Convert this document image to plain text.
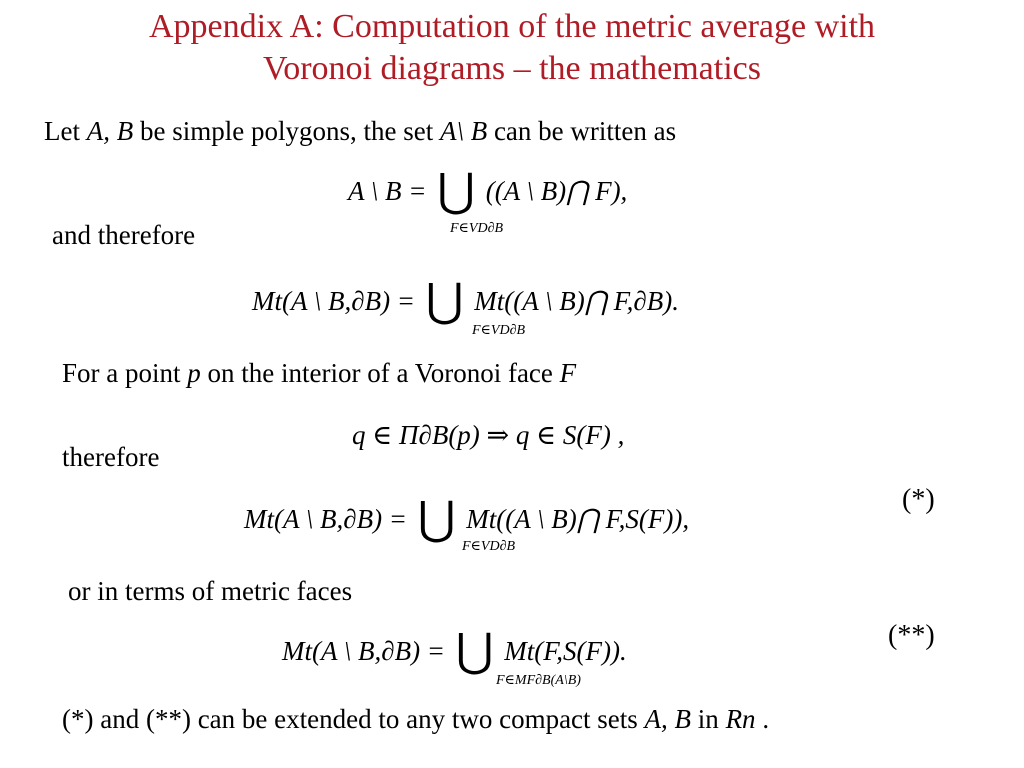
Appendix A: Computation of the metric average with
Voronoi diagrams – the mathematics
Let A, B be simple polygons, the set A\ B can be written as
A \ B = ⋃ ((A \ B)⋂ F),
F∈VD∂B
and therefore
Mt(A \ B,∂B) = ⋃ Mt((A \ B)⋂ F,∂B).
F∈VD∂B
For a point p on the interior of a Voronoi face F
q ∈ Π∂B(p) ⇒ q ∈ S(F) ,
therefore
Mt(A \ B,∂B) = ⋃ Mt((A \ B)⋂ F,S(F)),
F∈VD∂B
(*)
or in terms of metric faces
Mt(A \ B,∂B) = ⋃ Mt(F,S(F)).
F∈MF∂B(A\B)
(**)
(*) and (**) can be extended to any two compact sets A, B in Rn .
